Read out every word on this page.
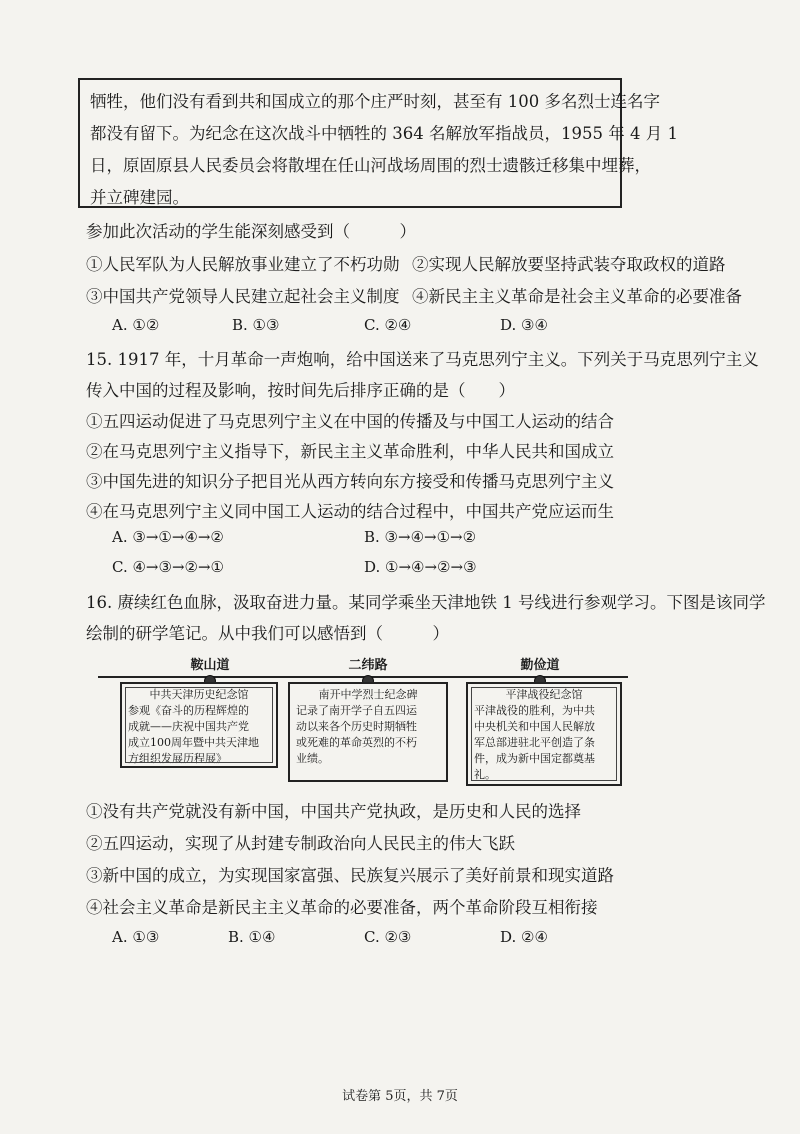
牺牲，他们没有看到共和国成立的那个庄严时刻，甚至有 100 多名烈士连名字
都没有留下。为纪念在这次战斗中牺牲的 364 名解放军指战员，1955 年 4 月 1
日，原固原县人民委员会将散埋在任山河战场周围的烈士遗骸迁移集中埋葬，
并立碑建园。
参加此次活动的学生能深刻感受到（　　　）
①人民军队为人民解放事业建立了不朽功勋 ②实现人民解放要坚持武装夺取政权的道路
③中国共产党领导人民建立起社会主义制度 ④新民主主义革命是社会主义革命的必要准备
A. ①②	B. ①③	C. ②④	D. ③④
15. 1917 年，十月革命一声炮响，给中国送来了马克思列宁主义。下列关于马克思列宁主义
传入中国的过程及影响，按时间先后排序正确的是（　　）
①五四运动促进了马克思列宁主义在中国的传播及与中国工人运动的结合
②在马克思列宁主义指导下，新民主主义革命胜利，中华人民共和国成立
③中国先进的知识分子把目光从西方转向东方接受和传播马克思列宁主义
④在马克思列宁主义同中国工人运动的结合过程中，中国共产党应运而生
A. ③→①→④→②	B. ③→④→①→②
C. ④→③→②→①	D. ①→④→②→③
16. 赓续红色血脉，汲取奋进力量。某同学乘坐天津地铁 1 号线进行参观学习。下图是该同学
绘制的研学笔记。从中我们可以感悟到（　　　）
鞍山道	二纬路	勤俭道
中共天津历史纪念馆
参观《奋斗的历程辉煌的
成就——庆祝中国共产党
成立100周年暨中共天津地
方组织发展历程展》
南开中学烈士纪念碑
记录了南开学子自五四运
动以来各个历史时期牺牲
或死难的革命英烈的不朽
业绩。
平津战役纪念馆
平津战役的胜利，为中共
中央机关和中国人民解放
军总部进驻北平创造了条
件，成为新中国定都奠基
礼。
①没有共产党就没有新中国，中国共产党执政，是历史和人民的选择
②五四运动，实现了从封建专制政治向人民民主的伟大飞跃
③新中国的成立，为实现国家富强、民族复兴展示了美好前景和现实道路
④社会主义革命是新民主主义革命的必要准备，两个革命阶段互相衔接
A. ①③	B. ①④	C. ②③	D. ②④
试卷第 5页，共 7页
